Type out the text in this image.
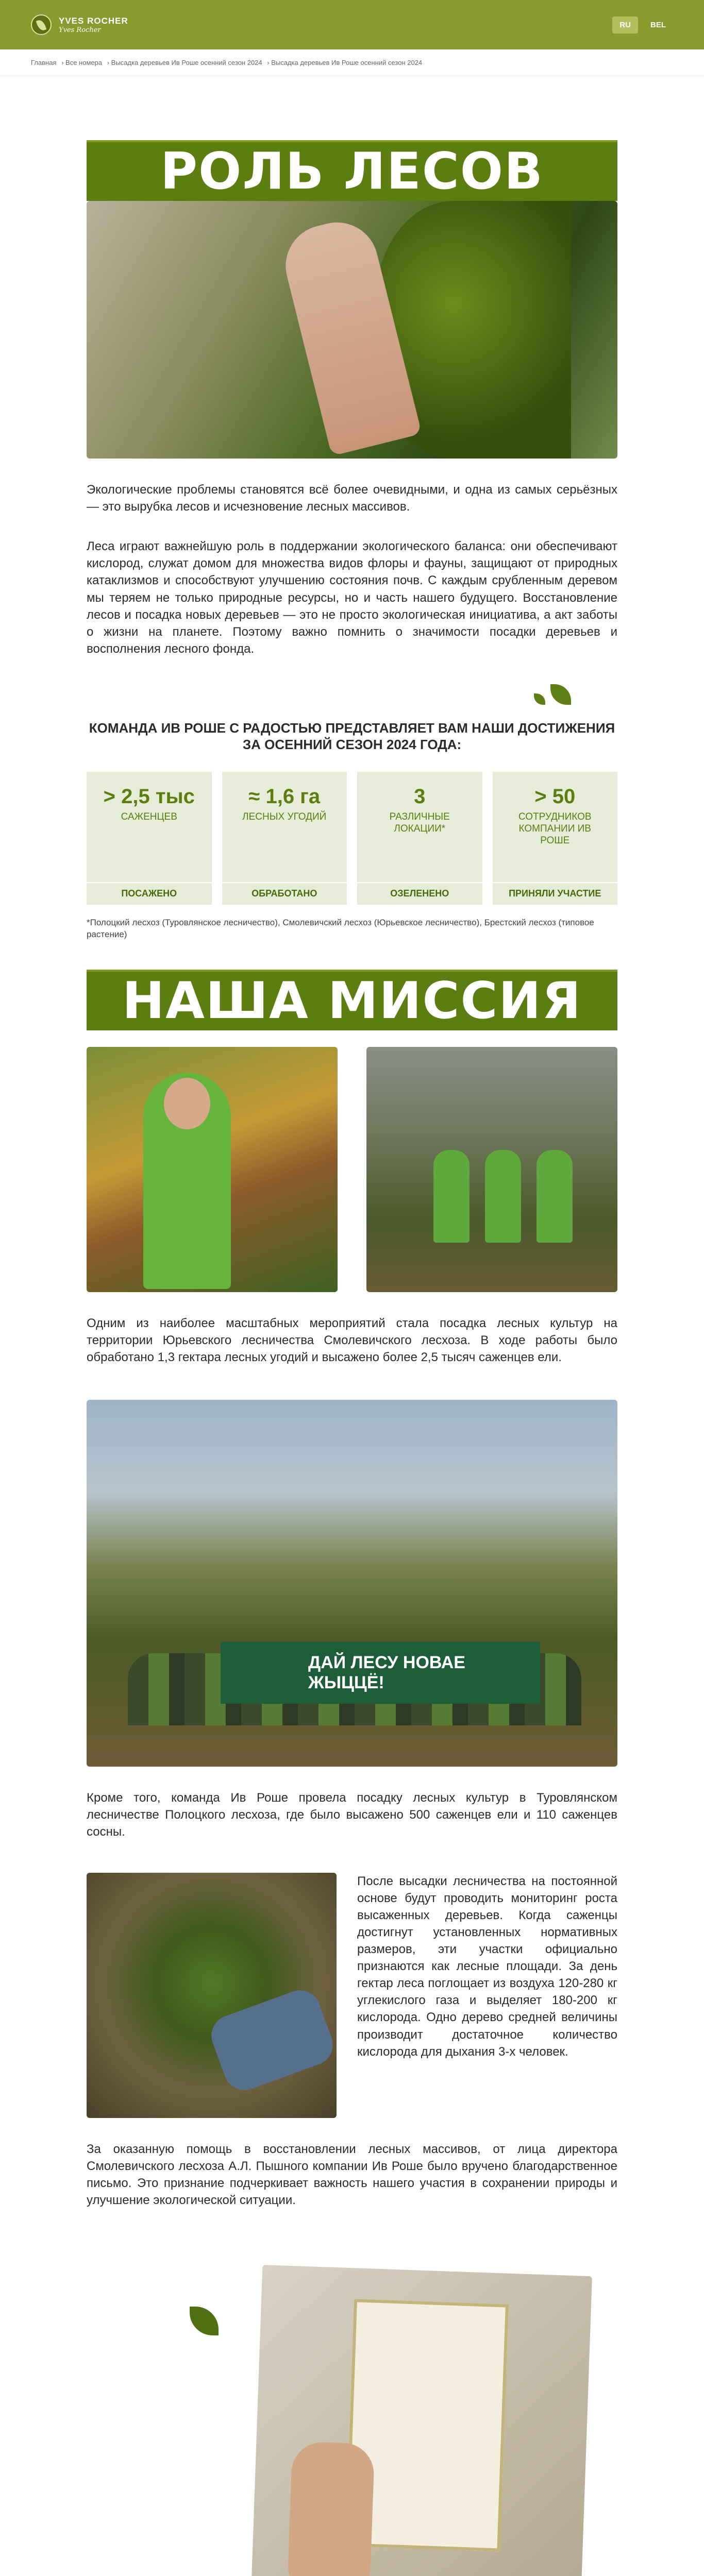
YVES ROCHER
Yves Rocher
RU	BEL
Главная › Все номера › Высадка деревьев Ив Роше осенний сезон 2024 › Высадка деревьев Ив Роше осенний сезон 2024
РОЛЬ ЛЕСОВ

Экологические проблемы становятся всё более очевидными, и одна из самых серьёзных — это вырубка лесов и исчезновение лесных массивов.

Леса играют важнейшую роль в поддержании экологического баланса: они обеспечивают кислород, служат домом для множества видов флоры и фауны, защищают от природных катаклизмов и способствуют улучшению состояния почв. С каждым срубленным деревом мы теряем не только природные ресурсы, но и часть нашего будущего. Восстановление лесов и посадка новых деревьев — это не просто экологическая инициатива, а акт заботы о жизни на планете. Поэтому важно помнить о значимости посадки деревьев и восполнения лесного фонда.

КОМАНДА ИВ РОШЕ С РАДОСТЬЮ ПРЕДСТАВЛЯЕТ ВАМ НАШИ ДОСТИЖЕНИЯ ЗА ОСЕННИЙ СЕЗОН 2024 ГОДА:
> 2,5 тыс
САЖЕНЦЕВ
ПОСАЖЕНО
≈ 1,6 га
ЛЕСНЫХ УГОДИЙ
ОБРАБОТАНО
3
РАЗЛИЧНЫЕ ЛОКАЦИИ*
ОЗЕЛЕНЕНО
> 50
СОТРУДНИКОВ КОМПАНИИ ИВ РОШЕ
ПРИНЯЛИ УЧАСТИЕ

*Полоцкий лесхоз (Туровлянское лесничество), Смолевичский лесхоз (Юрьевское лесничество), Брестский лесхоз (типовое растение)

НАША МИССИЯ

Одним из наиболее масштабных мероприятий стала посадка лесных культур на территории Юрьевского лесничества Смолевичского лесхоза. В ходе работы было обработано 1,3 гектара лесных угодий и высажено более 2,5 тысяч саженцев ели.

ДАЙ ЛЕСУ НОВАЕ ЖЫЦЦЁ!

Кроме того, команда Ив Роше провела посадку лесных культур в Туровлянском лесничестве Полоцкого лесхоза, где было высажено 500 саженцев ели и 110 саженцев сосны.

После высадки лесничества на постоянной основе будут проводить мониторинг роста высаженных деревьев. Когда саженцы достигнут установленных нормативных размеров, эти участки официально признаются как лесные площади. За день гектар леса поглощает из воздуха 120-280 кг углекислого газа и выделяет 180-200 кг кислорода. Одно дерево средней величины производит достаточное количество кислорода для дыхания 3-х человек.

За оказанную помощь в восстановлении лесных массивов, от лица директора Смолевичского лесхоза А.Л. Пышного компании Ив Роше было вручено благодарственное письмо. Это признание подчеркивает важность нашего участия в сохранении природы и улучшение экологической ситуации.
